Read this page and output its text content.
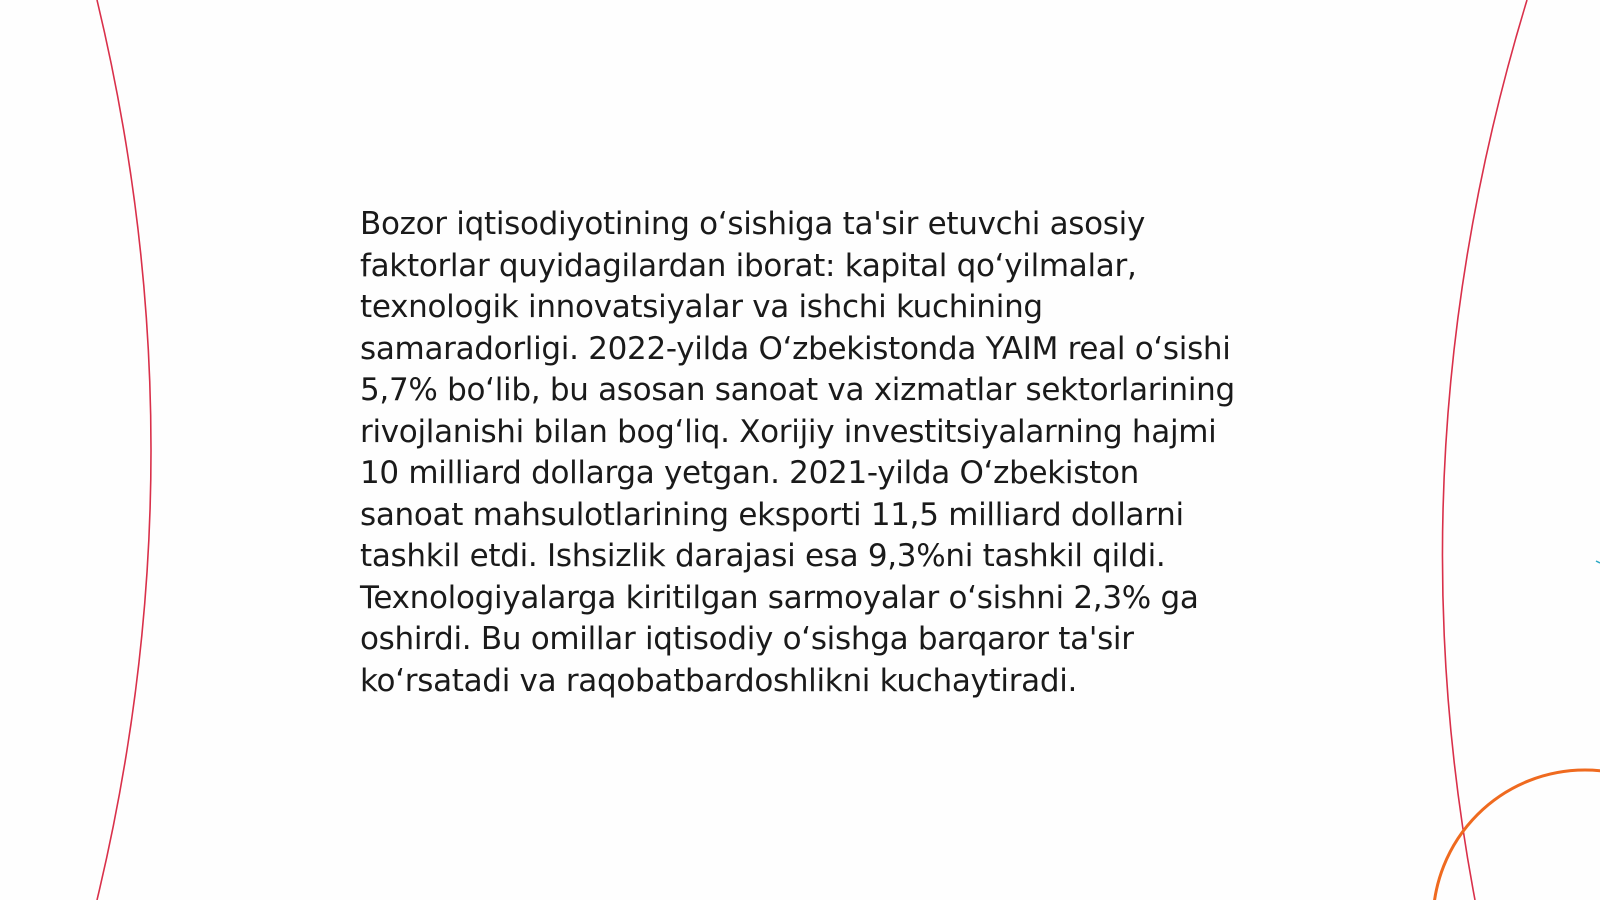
Bozor iqtisodiyotining o‘sishiga ta'sir etuvchi asosiy faktorlar quyidagilardan iborat: kapital qo‘yilmalar, texnologik innovatsiyalar va ishchi kuchining samaradorligi. 2022-yilda O‘zbekistonda YAIM real o‘sishi 5,7% bo‘lib, bu asosan sanoat va xizmatlar sektorlarining rivojlanishi bilan bog‘liq. Xorijiy investitsiyalarning hajmi 10 milliard dollarga yetgan. 2021-yilda O‘zbekiston sanoat mahsulotlarining eksporti 11,5 milliard dollarni tashkil etdi. Ishsizlik darajasi esa 9,3%ni tashkil qildi. Texnologiyalarga kiritilgan sarmoyalar o‘sishni 2,3% ga oshirdi. Bu omillar iqtisodiy o‘sishga barqaror ta'sir ko‘rsatadi va raqobatbardoshlikni kuchaytiradi.
